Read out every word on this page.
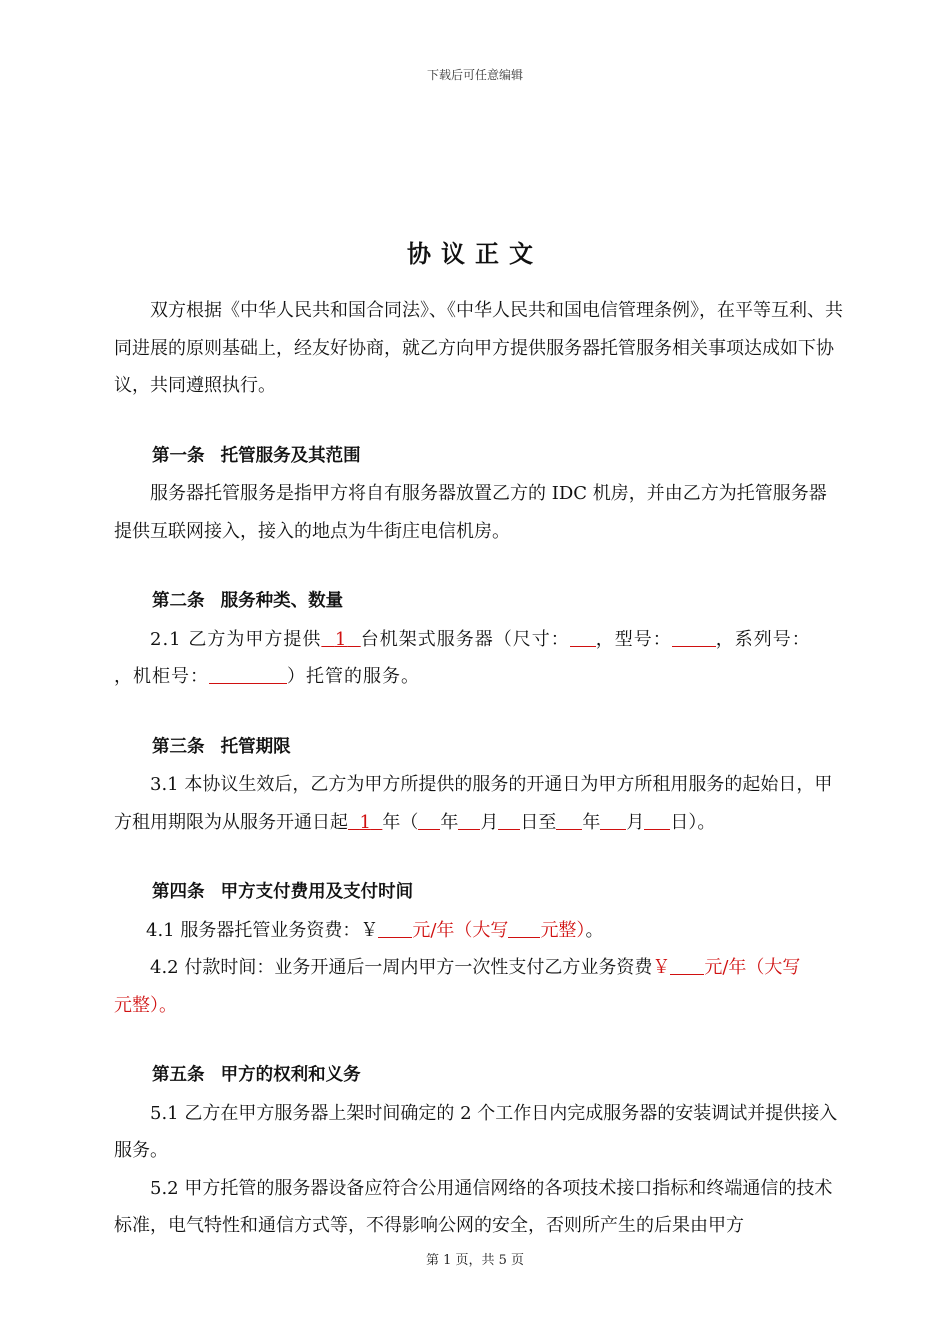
下载后可任意编辑
协议正文

双方根据《中华人民共和国合同法》、《中华人民共和国电信管理条例》，在平等互利、共同进展的原则基础上，经友好协商，就乙方向甲方提供服务器托管服务相关事项达成如下协议，共同遵照执行。

第一条 托管服务及其范围

服务器托管服务是指甲方将自有服务器放置乙方的 IDC 机房，并由乙方为托管服务器提供互联网接入，接入的地点为牛街庄电信机房。

第二条 服务种类、数量

2.1 乙方为甲方提供 1 台机架式服务器（尺寸： ，型号： ，系列号：
，机柜号：	）托管的服务。

第三条 托管期限

3.1 本协议生效后，乙方为甲方所提供的服务的开通日为甲方所租用服务的起始日，甲方租用期限为从服务开通日起 1 年（ 年 月 日至 年 月 日）。

第四条 甲方支付费用及支付时间

4.1 服务器托管业务资费：￥ 元/年（大写 元整）。

4.2 付款时间：业务开通后一周内甲方一次性支付乙方业务资费￥ 元/年（大写
元整）。

第五条 甲方的权利和义务

5.1 乙方在甲方服务器上架时间确定的 2 个工作日内完成服务器的安装调试并提供接入服务。

5.2 甲方托管的服务器设备应符合公用通信网络的各项技术接口指标和终端通信的技术标准，电气特性和通信方式等，不得影响公网的安全，否则所产生的后果由甲方

第 1 页，共 5 页
